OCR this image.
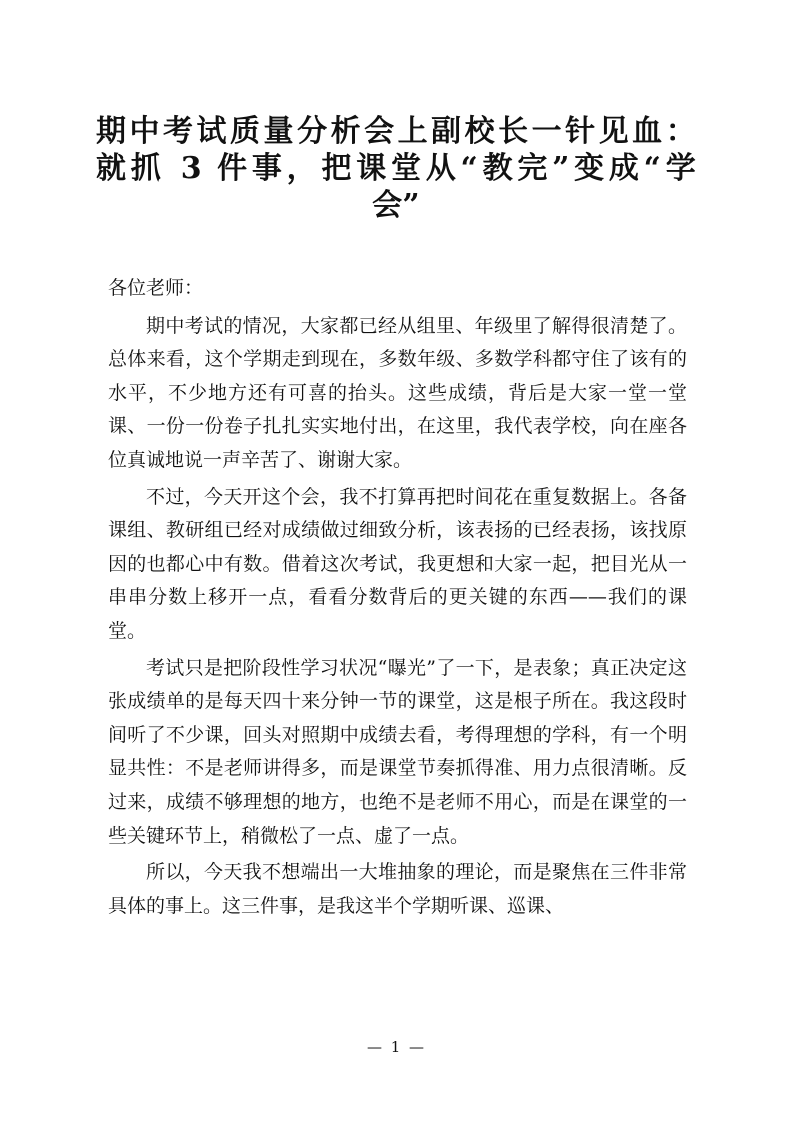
期中考试质量分析会上副校长一针见血：
就抓 3 件事，把课堂从“教完”变成“学
会”

各位老师：

期中考试的情况，大家都已经从组里、年级里了解得很清楚了。总体来看，这个学期走到现在，多数年级、多数学科都守住了该有的水平，不少地方还有可喜的抬头。这些成绩，背后是大家一堂一堂课、一份一份卷子扎扎实实地付出，在这里，我代表学校，向在座各位真诚地说一声辛苦了、谢谢大家。

不过，今天开这个会，我不打算再把时间花在重复数据上。各备课组、教研组已经对成绩做过细致分析，该表扬的已经表扬，该找原因的也都心中有数。借着这次考试，我更想和大家一起，把目光从一串串分数上移开一点，看看分数背后的更关键的东西——我们的课堂。

考试只是把阶段性学习状况“曝光”了一下，是表象；真正决定这张成绩单的是每天四十来分钟一节的课堂，这是根子所在。我这段时间听了不少课，回头对照期中成绩去看，考得理想的学科，有一个明显共性：不是老师讲得多，而是课堂节奏抓得准、用力点很清晰。反过来，成绩不够理想的地方，也绝不是老师不用心，而是在课堂的一些关键环节上，稍微松了一点、虚了一点。

所以，今天我不想端出一大堆抽象的理论，而是聚焦在三件非常具体的事上。这三件事，是我这半个学期听课、巡课、

— 1 —
